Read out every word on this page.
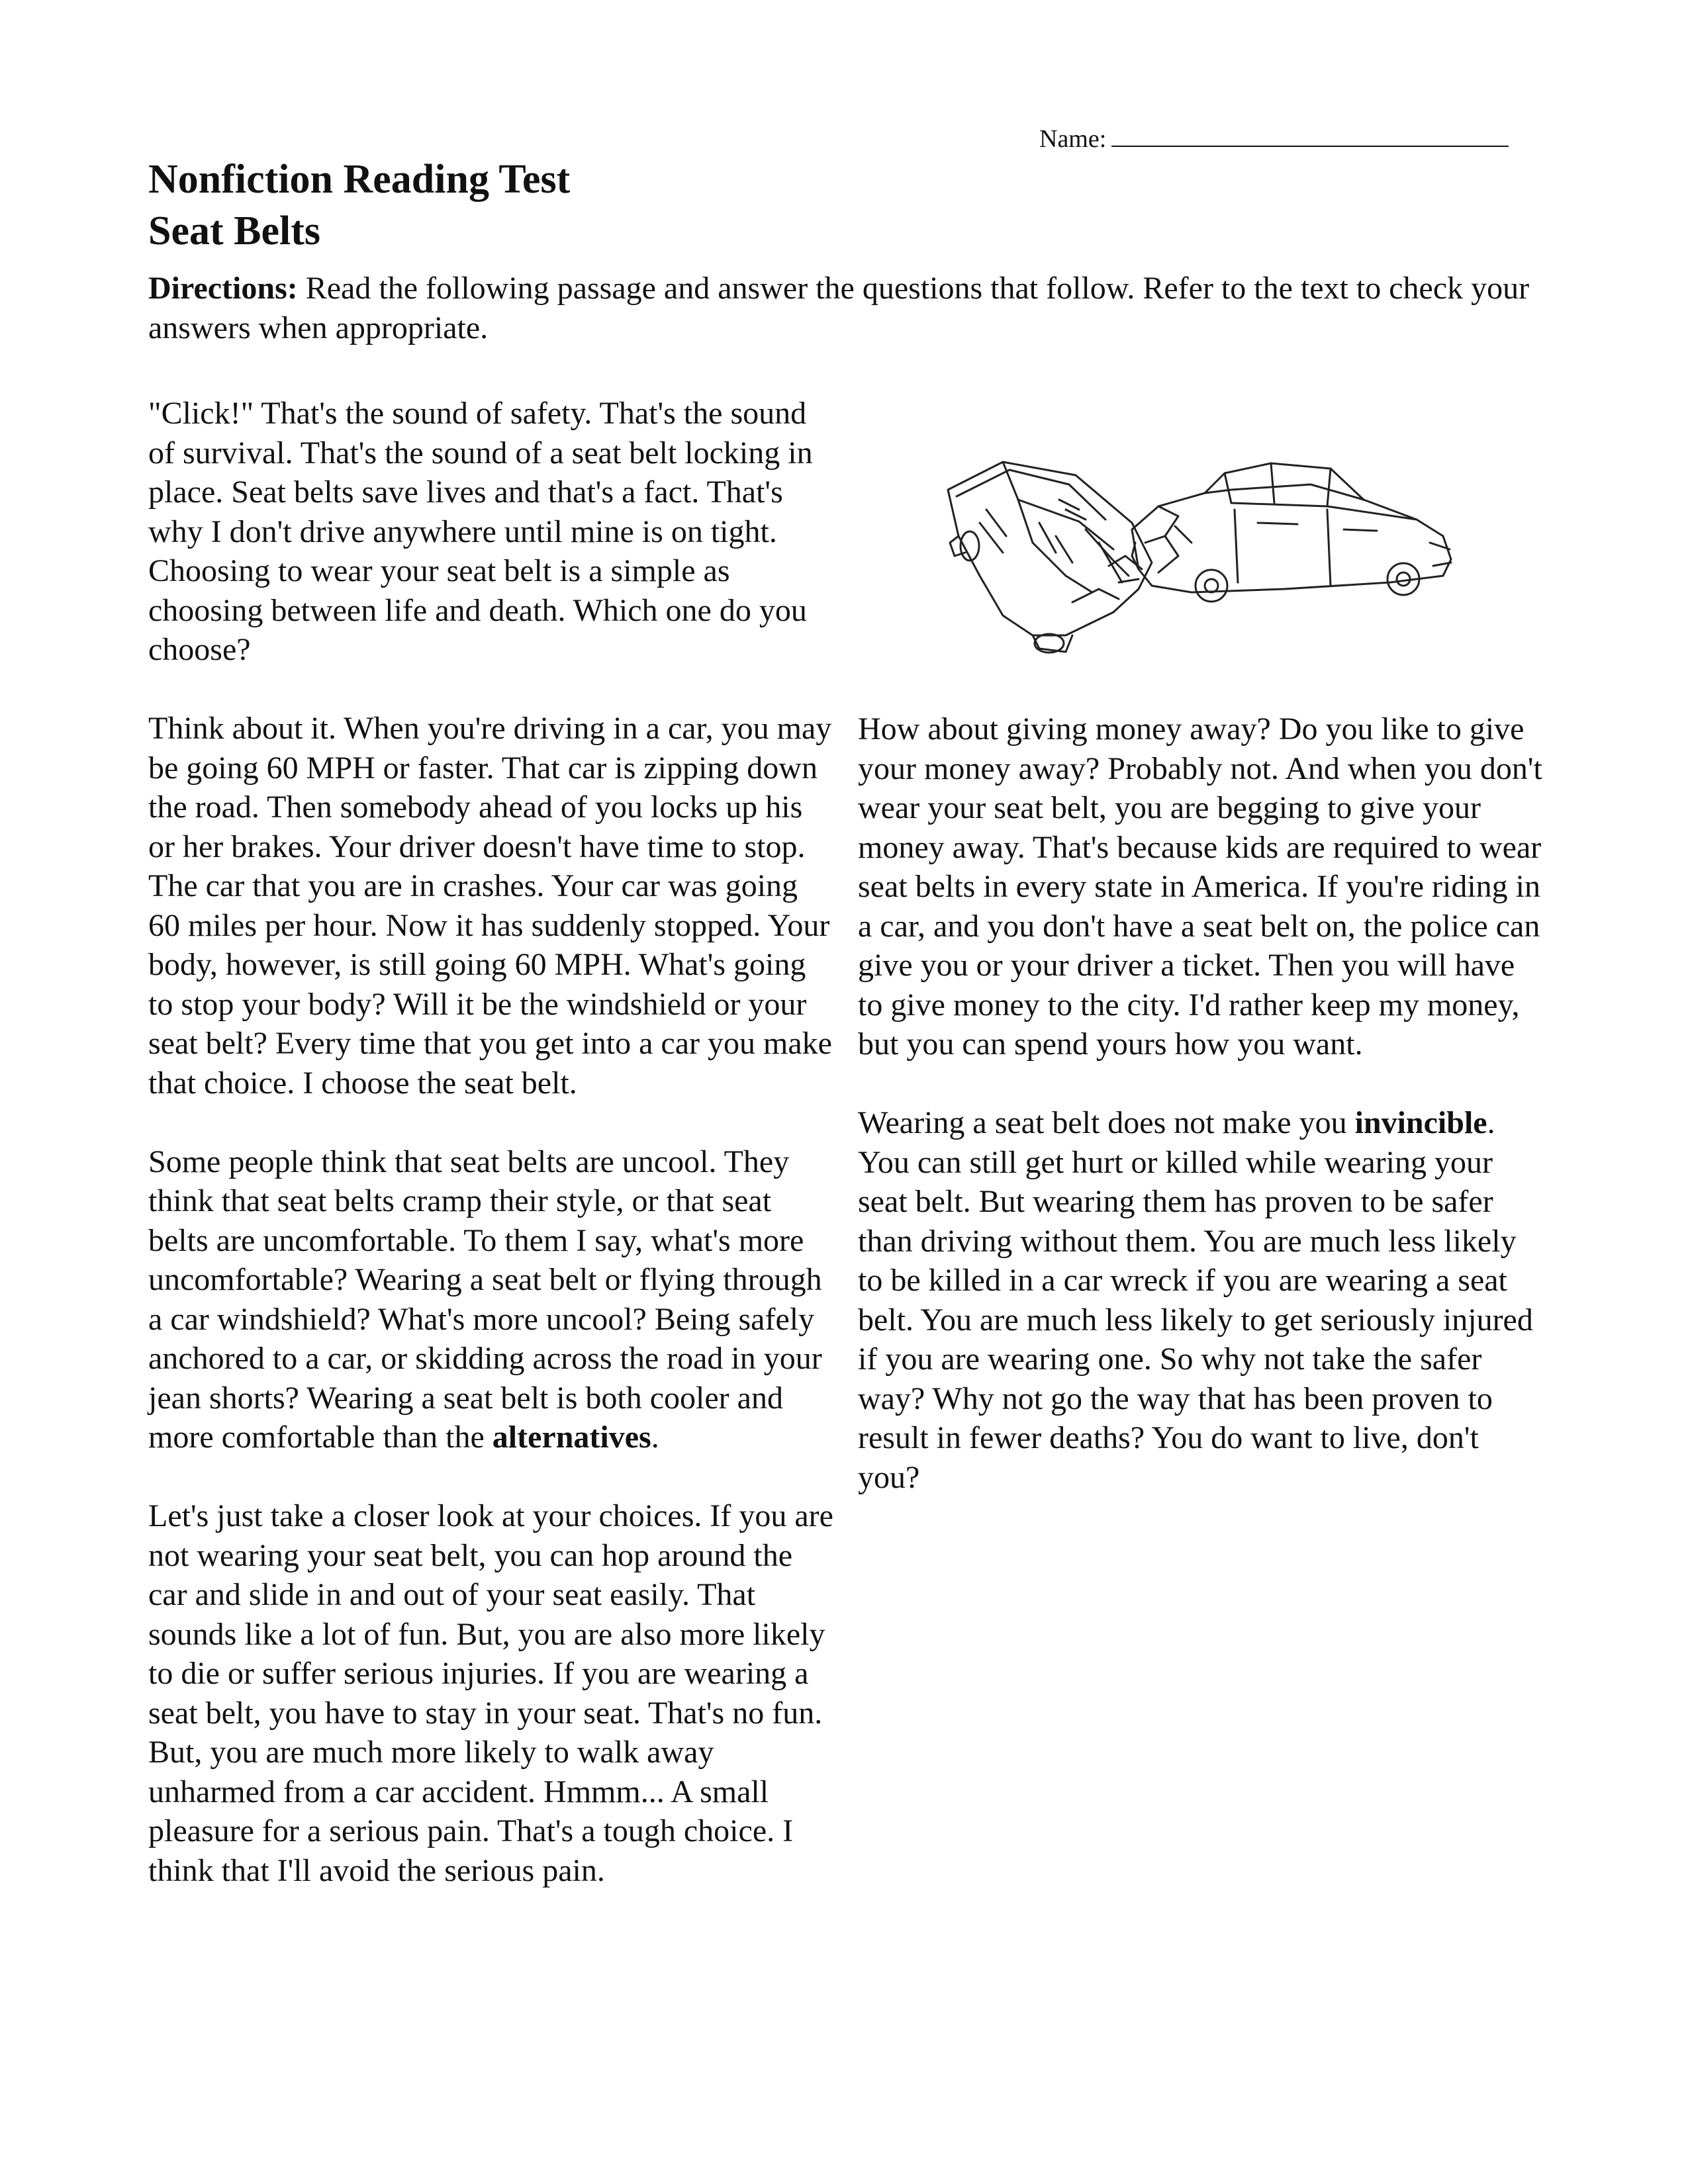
Name:
Nonfiction Reading Test
Seat Belts

Directions: Read the following passage and answer the questions that follow. Refer to the text to check your answers when appropriate.

"Click!" That's the sound of safety. That's the sound of survival. That's the sound of a seat belt locking in place. Seat belts save lives and that's a fact. That's why I don't drive anywhere until mine is on tight. Choosing to wear your seat belt is a simple as choosing between life and death. Which one do you choose?

Think about it. When you're driving in a car, you may be going 60 MPH or faster. That car is zipping down the road. Then somebody ahead of you locks up his or her brakes. Your driver doesn't have time to stop. The car that you are in crashes. Your car was going 60 miles per hour. Now it has suddenly stopped. Your body, however, is still going 60 MPH. What's going to stop your body? Will it be the windshield or your seat belt? Every time that you get into a car you make that choice. I choose the seat belt.

Some people think that seat belts are uncool. They think that seat belts cramp their style, or that seat belts are uncomfortable. To them I say, what's more uncomfortable? Wearing a seat belt or flying through a car windshield? What's more uncool? Being safely anchored to a car, or skidding across the road in your jean shorts? Wearing a seat belt is both cooler and more comfortable than the alternatives.

Let's just take a closer look at your choices. If you are not wearing your seat belt, you can hop around the car and slide in and out of your seat easily. That sounds like a lot of fun. But, you are also more likely to die or suffer serious injuries. If you are wearing a seat belt, you have to stay in your seat. That's no fun. But, you are much more likely to walk away unharmed from a car accident. Hmmm... A small pleasure for a serious pain. That's a tough choice. I think that I'll avoid the serious pain.

How about giving money away? Do you like to give your money away? Probably not. And when you don't wear your seat belt, you are begging to give your money away. That's because kids are required to wear seat belts in every state in America. If you're riding in a car, and you don't have a seat belt on, the police can give you or your driver a ticket. Then you will have to give money to the city. I'd rather keep my money, but you can spend yours how you want.

Wearing a seat belt does not make you invincible. You can still get hurt or killed while wearing your seat belt. But wearing them has proven to be safer than driving without them. You are much less likely to be killed in a car wreck if you are wearing a seat belt. You are much less likely to get seriously injured if you are wearing one. So why not take the safer way? Why not go the way that has been proven to result in fewer deaths? You do want to live, don't you?
